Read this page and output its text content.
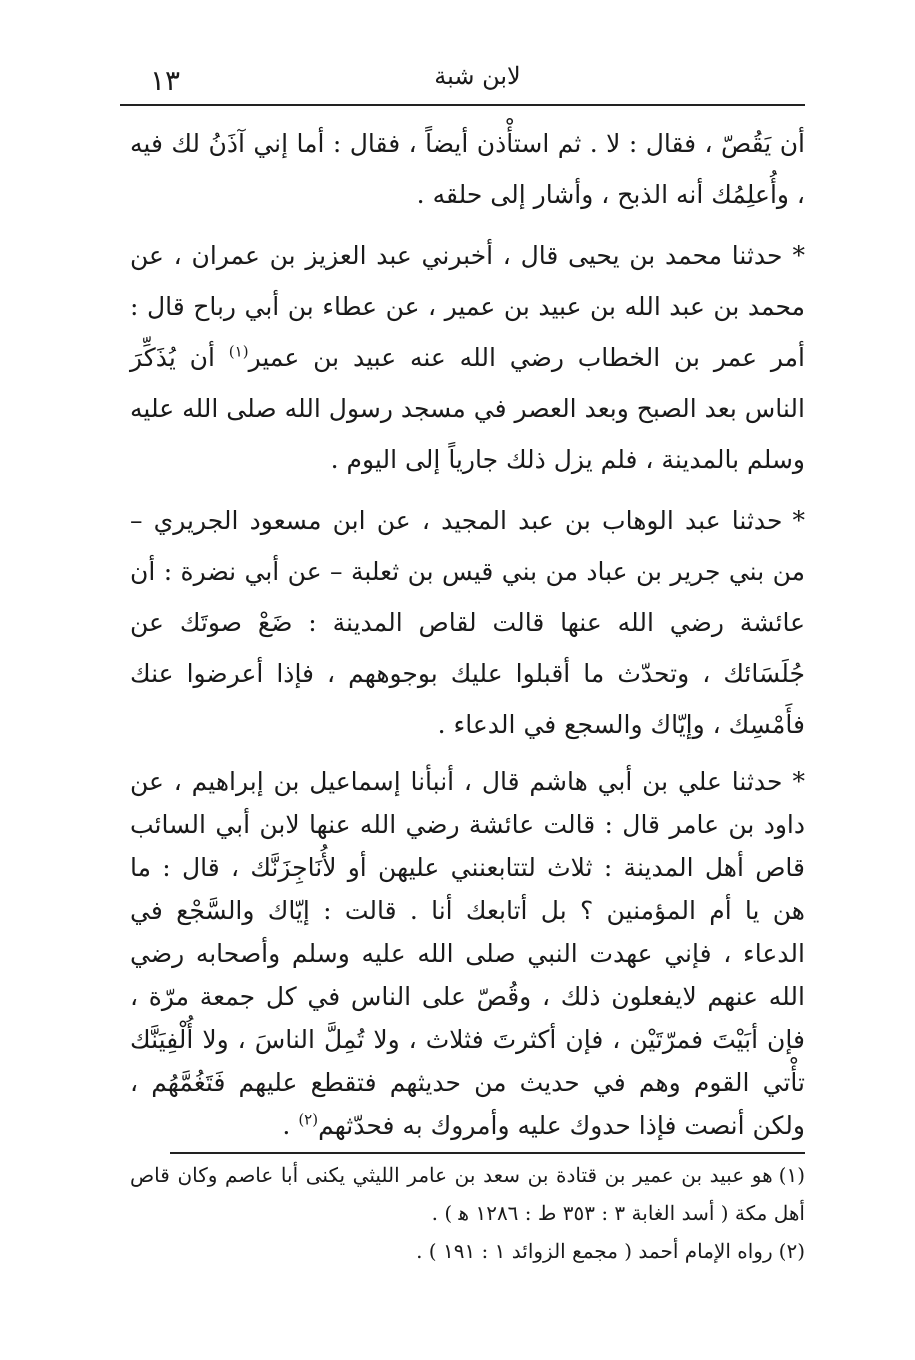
١٣	لابن شبة

أن يَقُصّ ، فقال : لا . ثم استأْذن أيضاً ، فقال : أما إني آذَنُ لك فيه ، وأُعلِمُك أنه الذبح ، وأشار إلى حلقه .

*حدثنا محمد بن يحيى قال ، أخبرني عبد العزيز بن عمران ، عن محمد بن عبد الله بن عبيد بن عمير ، عن عطاء بن أبي رباح قال : أمر عمر بن الخطاب رضي الله عنه عبيد بن عمير$^{(١)}$ أن يُذَكِّرَ الناس بعد الصبح وبعد العصر في مسجد رسول الله صلى الله عليه وسلم بالمدينة ، فلم يزل ذلك جارياً إلى اليوم .

*حدثنا عبد الوهاب بن عبد المجيد ، عن ابن مسعود الجريري – من بني جرير بن عباد من بني قيس بن ثعلبة – عن أبي نضرة : أن عائشة رضي الله عنها قالت لقاص المدينة : ضَعْ صوتَك عن جُلَسَائك ، وتحدّث ما أقبلوا عليك بوجوههم ، فإذا أعرضوا عنك فأَمْسِك ، وإيّاك والسجع في الدعاء .

*حدثنا علي بن أبي هاشم قال ، أنبأنا إسماعيل بن إبراهيم ، عن داود بن عامر قال : قالت عائشة رضي الله عنها لابن أبي السائب قاص أهل المدينة : ثلاث لتتابعنني عليهن أو لأُنَاجِزَنَّك ، قال : ما هن يا أم المؤمنين ؟ بل أتابعك أنا . قالت : إيّاك والسَّجْع في الدعاء ، فإني عهدت النبي صلى الله عليه وسلم وأصحابه رضي الله عنهم لايفعلون ذلك ، وقُصّ على الناس في كل جمعة مرّة ، فإن أبَيْتَ فمرّتَيْن ، فإن أكثرتَ فثلاث ، ولا تُمِلَّ الناسَ ، ولا أُلْفِيَنَّك تأْتي القوم وهم في حديث من حديثهم فتقطع عليهم فَتَغُمَّهُم ، ولكن أنصت فإذا حدوك عليه وأمروك به فحدّثهم$^{(٢)}$ .

(١)هو عبيد بن عمير بن قتادة بن سعد بن عامر الليثي يكنى أبا عاصم وكان قاص أهل مكة ( أسد الغابة ٣ : ٣٥٣ ط : ١٢٨٦ ﻫ ) .

(٢)رواه الإمام أحمد ( مجمع الزوائد ١ : ١٩١ ) .
